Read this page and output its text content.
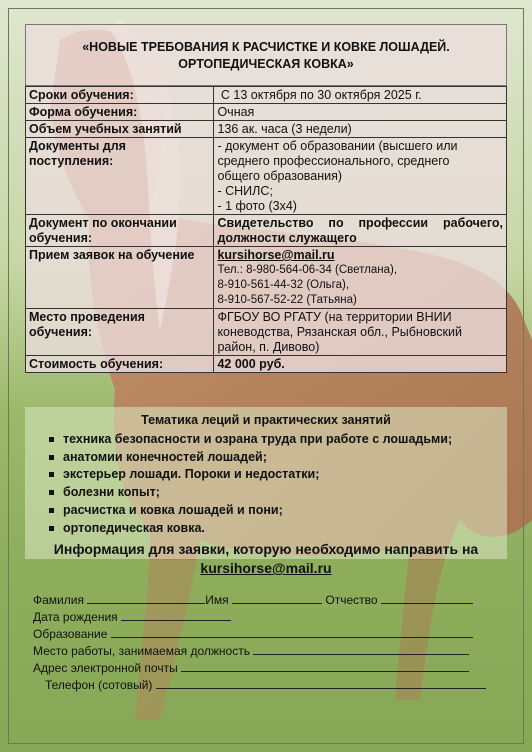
«НОВЫЕ ТРЕБОВАНИЯ К РАСЧИСТКЕ И КОВКЕ ЛОШАДЕЙ.
ОРТОПЕДИЧЕСКАЯ КОВКА»
Сроки обучения:	С 13 октября по 30 октября 2025 г.
Форма обучения:	Очная
Объем учебных занятий	136 ак. часа (3 недели)
Документы для поступления:	- документ об образовании (высшего или
среднего профессионального, среднего
общего образования)
- СНИЛС;
- 1 фото (3х4)

Документ по окончании обучения:	Свидетельство по профессии рабочего, должности служащего
Прием заявок на обучение	kursihorse@mail.ru
Тел.: 8-980-564-06-34 (Светлана),
8-910-561-44-32 (Ольга),
8-910-567-52-22 (Татьяна)

Место проведения обучения:	ФГБОУ ВО РГАТУ (на территории ВНИИ коневодства, Рязанская обл., Рыбновский район, п. Дивово)
Стоимость обучения:	42 000 руб.
Тематика леций и практических занятий
техника безопасности и озрана труда при работе с лошадьми;
анатомии конечностей лошадей;
экстерьер лошади. Пороки и недостатки;
болезни копыт;
расчистка и ковка лошадей и пони;
ортопедическая ковка.
Информация для заявки, которую необходимо направить на
kursihorse@mail.ru
Фамилия	Имя	Отчество
Дата рождения
Образование
Место работы, занимаемая должность
Адрес электронной почты
Телефон (сотовый)
